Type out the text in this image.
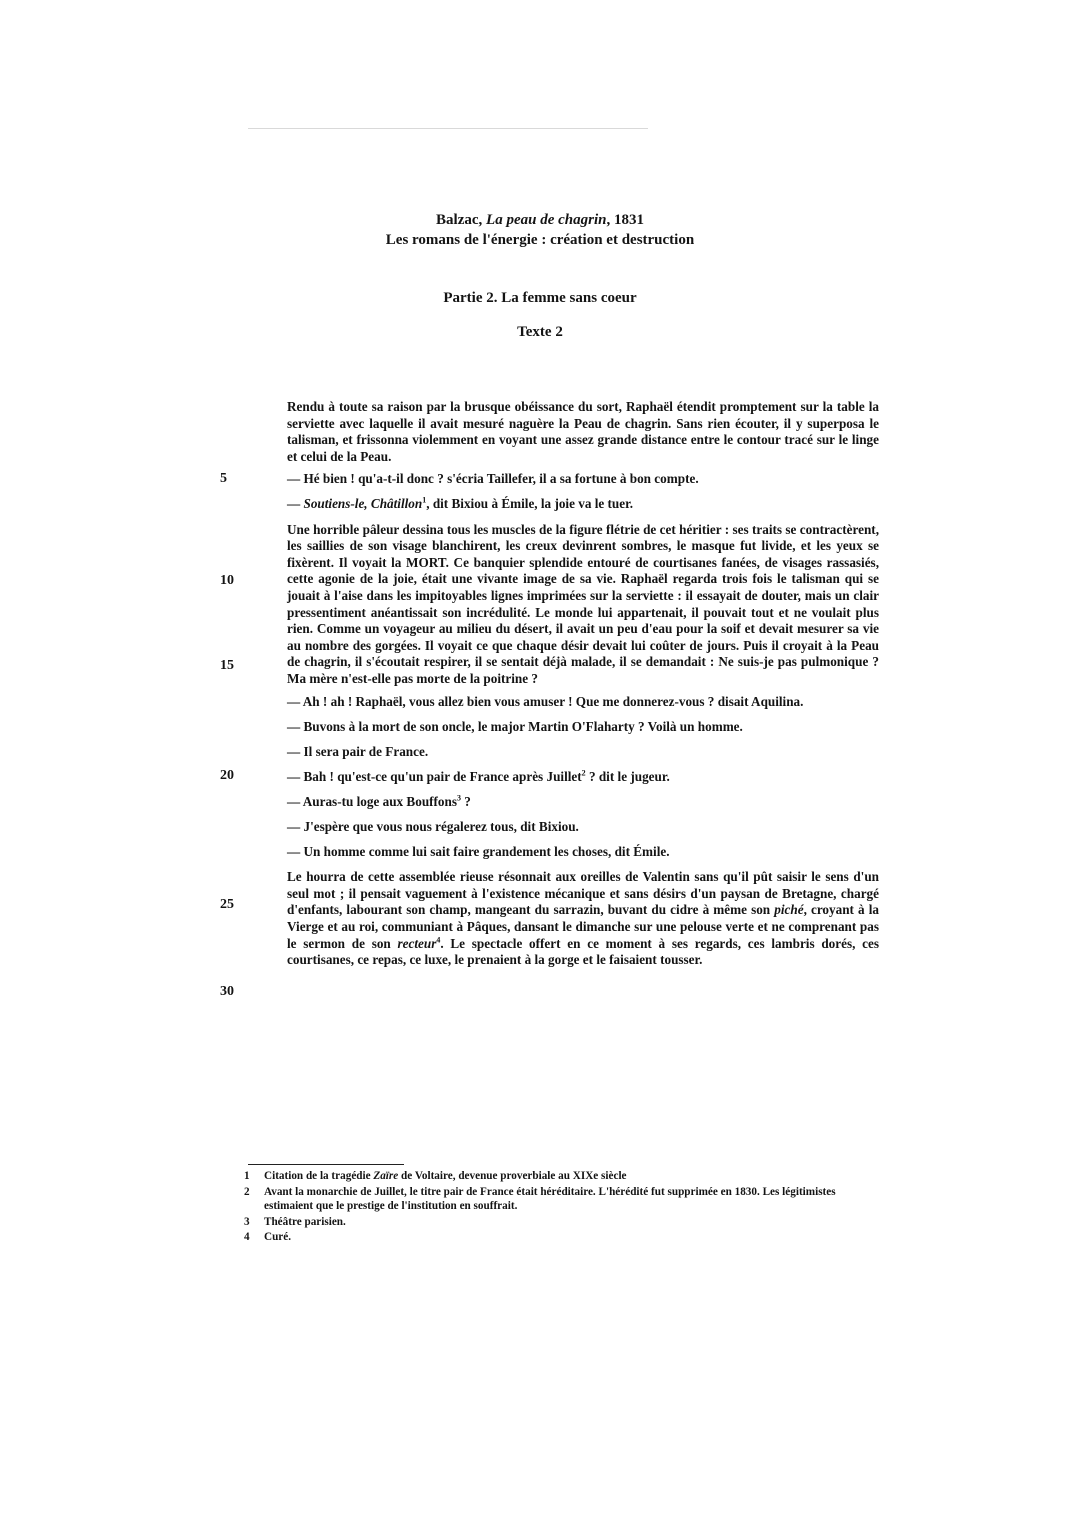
Balzac, La peau de chagrin, 1831
Les romans de l'énergie : création et destruction
Partie 2. La femme sans coeur
Texte 2
5
10
15
20
25
30

Rendu à toute sa raison par la brusque obéissance du sort, Raphaël étendit promptement sur la table la serviette avec laquelle il avait mesuré naguère la Peau de chagrin. Sans rien écouter, il y superposa le talisman, et frissonna violemment en voyant une assez grande distance entre le contour tracé sur le linge et celui de la Peau.

— Hé bien ! qu'a-t-il donc ? s'écria Taillefer, il a sa fortune à bon compte.

— Soutiens-le, Châtillon$^1$, dit Bixiou à Émile, la joie va le tuer.

Une horrible pâleur dessina tous les muscles de la figure flétrie de cet héritier : ses traits se contractèrent, les saillies de son visage blanchirent, les creux devinrent sombres, le masque fut livide, et les yeux se fixèrent. Il voyait la MORT. Ce banquier splendide entouré de courtisanes fanées, de visages rassasiés, cette agonie de la joie, était une vivante image de sa vie. Raphaël regarda trois fois le talisman qui se jouait à l'aise dans les impitoyables lignes imprimées sur la serviette : il essayait de douter, mais un clair pressentiment anéantissait son incrédulité. Le monde lui appartenait, il pouvait tout et ne voulait plus rien. Comme un voyageur au milieu du désert, il avait un peu d'eau pour la soif et devait mesurer sa vie au nombre des gorgées. Il voyait ce que chaque désir devait lui coûter de jours. Puis il croyait à la Peau de chagrin, il s'écoutait respirer, il se sentait déjà malade, il se demandait : Ne suis-je pas pulmonique ? Ma mère n'est-elle pas morte de la poitrine ?

— Ah ! ah ! Raphaël, vous allez bien vous amuser ! Que me donnerez-vous ? disait Aquilina.

— Buvons à la mort de son oncle, le major Martin O'Flaharty ? Voilà un homme.

— Il sera pair de France.

— Bah ! qu'est-ce qu'un pair de France après Juillet$^2$ ? dit le jugeur.

— Auras-tu loge aux Bouffons$^3$ ?

— J'espère que vous nous régalerez tous, dit Bixiou.

— Un homme comme lui sait faire grandement les choses, dit Émile.

Le hourra de cette assemblée rieuse résonnait aux oreilles de Valentin sans qu'il pût saisir le sens d'un seul mot ; il pensait vaguement à l'existence mécanique et sans désirs d'un paysan de Bretagne, chargé d'enfants, labourant son champ, mangeant du sarrazin, buvant du cidre à même son piché, croyant à la Vierge et au roi, communiant à Pâques, dansant le dimanche sur une pelouse verte et ne comprenant pas le sermon de son recteur$^4$. Le spectacle offert en ce moment à ses regards, ces lambris dorés, ces courtisanes, ce repas, ce luxe, le prenaient à la gorge et le faisaient tousser.

1	Citation de la tragédie Zaïre de Voltaire, devenue proverbiale au XIXe siècle
2	Avant la monarchie de Juillet, le titre pair de France était héréditaire. L'hérédité fut supprimée en 1830. Les légitimistes estimaient que le prestige de l'institution en souffrait.
3	Théâtre parisien.
4	Curé.
